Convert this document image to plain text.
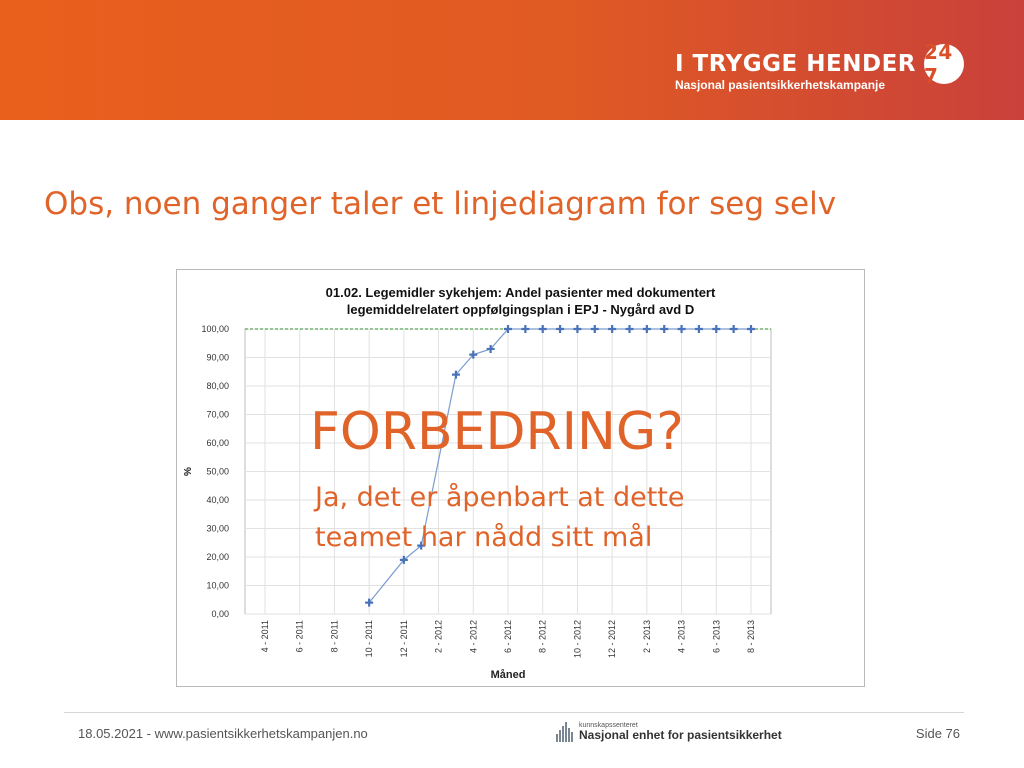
I TRYGGE HENDER 24 7
Nasjonal pasientsikkerhetskampanje
Obs, noen ganger taler et linjediagram for seg selv
100,00
90,00
80,00
70,00
60,00
50,00
40,00
30,00
20,00
10,00
0,00
4 - 2011	6 - 2011	8 - 2011	10 - 2011	12 - 2011	2 - 2012	4 - 2012	6 - 2012	8 - 2012	10 - 2012	12 - 2012	2 - 2013	4 - 2013	6 - 2013	8 - 2013
%
Måned
01.02. Legemidler sykehjem: Andel pasienter med dokumentert
legemiddelrelatert oppfølgingsplan i EPJ - Nygård avd D
FORBEDRING?
Ja, det er åpenbart at dette
teamet har nådd sitt mål
18.05.2021 - www.pasientsikkerhetskampanjen.no
kunnskapssenteret
Nasjonal enhet for pasientsikkerhet	Side 76
